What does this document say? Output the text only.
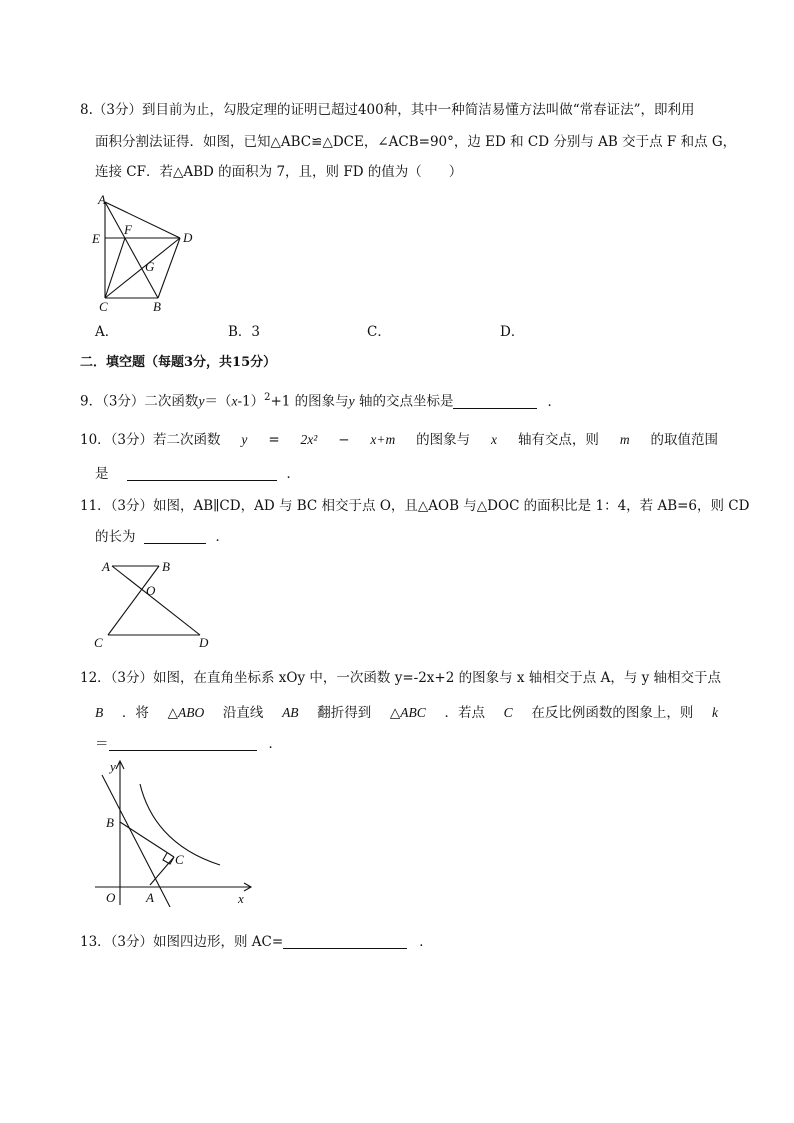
8.（3分）到目前为止，勾股定理的证明已超过400种，其中一种简洁易懂方法叫做“常春证法”，即利用
面积分割法证得．如图，已知△ABC≌△DCE，∠ACB=90°，边 ED 和 CD 分别与 AB 交于点 F 和点 G，
连接 CF．若△ABD 的面积为 7，且，则 FD 的值为（　　）
A
E
F
D
G
C	B
A．	B．3	C．	D．
二．填空题（每题3分，共15分）
9．（3分）二次函数$y=(x-1)^2+1$ 的图象与y 轴的交点坐标是	．
10．（3分）若二次函数 y = 2x² − x+m 的图象与 x 轴有交点，则 m 的取值范围
是	．
11．（3分）如图，AB∥CD，AD 与 BC 相交于点 O，且△AOB 与△DOC 的面积比是 1：4，若 AB=6，则 CD
的长为	．
A	B
O
C	D
12．（3分）如图，在直角坐标系 xOy 中，一次函数 y=-2x+2 的图象与 x 轴相交于点 A，与 y 轴相交于点
B ．将 △ABO 沿直线 AB 翻折得到 △ABC ．若点 C 在反比例函数的图象上，则 k
＝	．
y
B
C
O A	x
13．（3分）如图四边形，则 AC=	．
